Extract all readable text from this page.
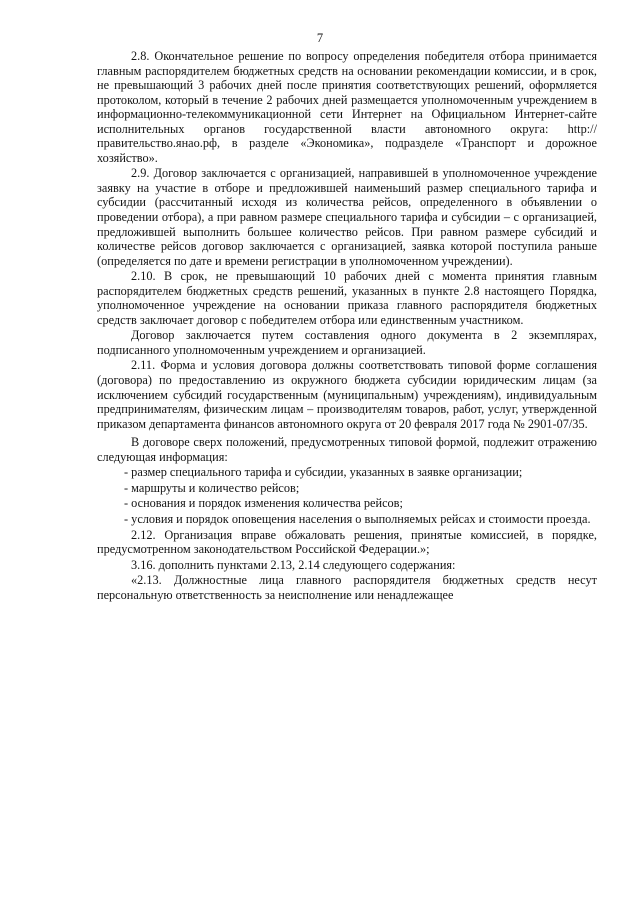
7

2.8. Окончательное решение по вопросу определения победителя отбора принимается главным распорядителем бюджетных средств на основании рекомендации комиссии, и в срок, не превышающий 3 рабочих дней после принятия соответствующих решений, оформляется протоколом, который в течение 2 рабочих дней размещается уполномоченным учреждением в информационно-телекоммуникационной сети Интернет на Официальном Интернет-сайте исполнительных органов государственной власти автономного округа: http://правительство.янао.рф, в разделе «Экономика», подразделе «Транспорт и дорожное хозяйство».

2.9. Договор заключается с организацией, направившей в уполномоченное учреждение заявку на участие в отборе и предложившей наименьший размер специального тарифа и субсидии (рассчитанный исходя из количества рейсов, определенного в объявлении о проведении отбора), а при равном размере специального тарифа и субсидии – с организацией, предложившей выполнить большее количество рейсов. При равном размере субсидий и количестве рейсов договор заключается с организацией, заявка которой поступила раньше (определяется по дате и времени регистрации в уполномоченном учреждении).

2.10. В срок, не превышающий 10 рабочих дней с момента принятия главным распорядителем бюджетных средств решений, указанных в пункте 2.8 настоящего Порядка, уполномоченное учреждение на основании приказа главного распорядителя бюджетных средств заключает договор с победителем отбора или единственным участником.

Договор заключается путем составления одного документа в 2 экземплярах, подписанного уполномоченным учреждением и организацией.

2.11. Форма и условия договора должны соответствовать типовой форме соглашения (договора) по предоставлению из окружного бюджета субсидии юридическим лицам (за исключением субсидий государственным (муниципальным) учреждениям), индивидуальным предпринимателям, физическим лицам – производителям товаров, работ, услуг, утвержденной приказом департамента финансов автономного округа от 20 февраля 2017 года № 2901-07/35.

В договоре сверх положений, предусмотренных типовой формой, подлежит отражению следующая информация:

- размер специального тарифа и субсидии, указанных в заявке организации;

- маршруты и количество рейсов;

- основания и порядок изменения количества рейсов;

- условия и порядок оповещения населения о выполняемых рейсах и стоимости проезда.

2.12. Организация вправе обжаловать решения, принятые комиссией, в порядке, предусмотренном законодательством Российской Федерации.»;

3.16. дополнить пунктами 2.13, 2.14 следующего содержания:

«2.13. Должностные лица главного распорядителя бюджетных средств несут персональную ответственность за неисполнение или ненадлежащее
